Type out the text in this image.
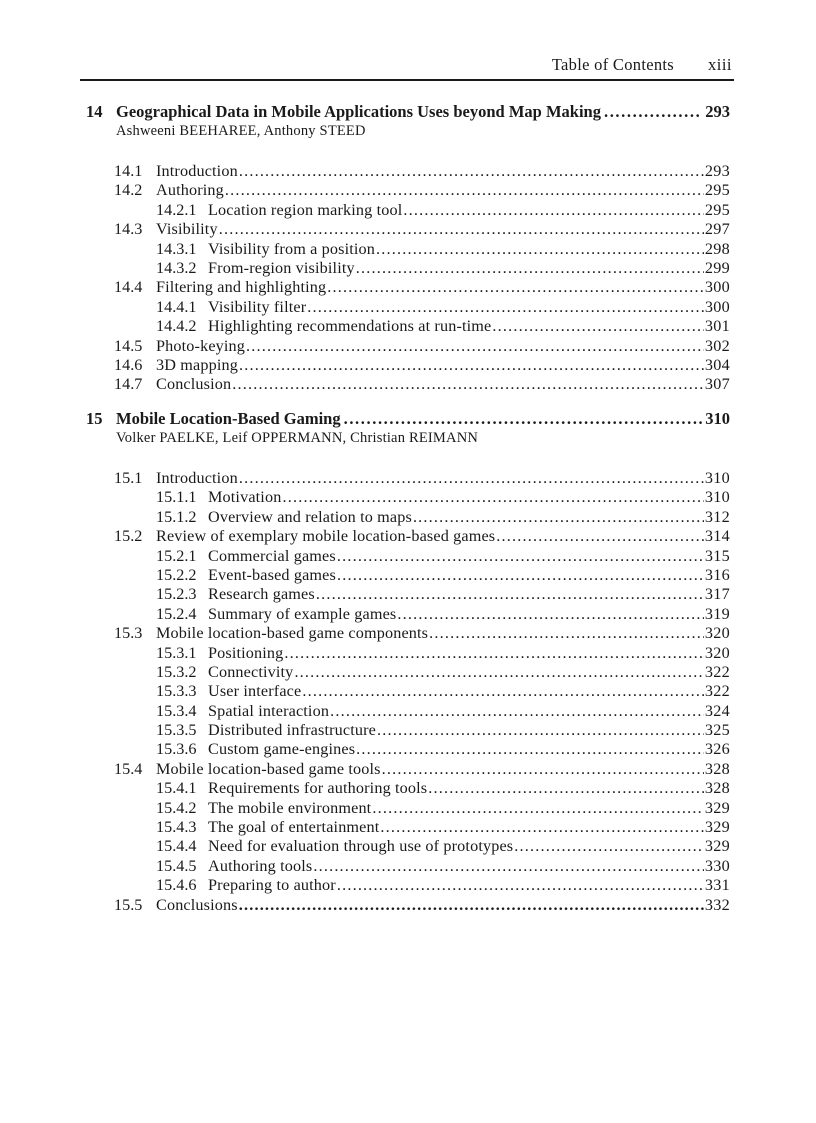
Table of Contents xiii
14 Geographical Data in Mobile Applications Uses beyond Map Making .....	293
Ashweeni BEEHAREE, Anthony STEED
14.1 Introduction .....	293
14.2 Authoring .....	295
14.2.1 Location region marking tool .....	295
14.3 Visibility .....	297
14.3.1 Visibility from a position .....	298
14.3.2 From-region visibility .....	299
14.4 Filtering and highlighting .....	300
14.4.1 Visibility filter .....	300
14.4.2 Highlighting recommendations at run-time .....	301
14.5 Photo-keying .....	302
14.6 3D mapping .....	304
14.7 Conclusion .....	307
15 Mobile Location-Based Gaming .....	310
Volker PAELKE, Leif OPPERMANN, Christian REIMANN
15.1 Introduction .....	310
15.1.1 Motivation .....	310
15.1.2 Overview and relation to maps .....	312
15.2 Review of exemplary mobile location-based games .....	314
15.2.1 Commercial games .....	315
15.2.2 Event-based games .....	316
15.2.3 Research games .....	317
15.2.4 Summary of example games .....	319
15.3 Mobile location-based game components .....	320
15.3.1 Positioning .....	320
15.3.2 Connectivity .....	322
15.3.3 User interface .....	322
15.3.4 Spatial interaction .....	324
15.3.5 Distributed infrastructure .....	325
15.3.6 Custom game-engines .....	326
15.4 Mobile location-based game tools .....	328
15.4.1 Requirements for authoring tools .....	328
15.4.2 The mobile environment .....	329
15.4.3 The goal of entertainment .....	329
15.4.4 Need for evaluation through use of prototypes .....	329
15.4.5 Authoring tools .....	330
15.4.6 Preparing to author .....	331
15.5 Conclusions .....	332
